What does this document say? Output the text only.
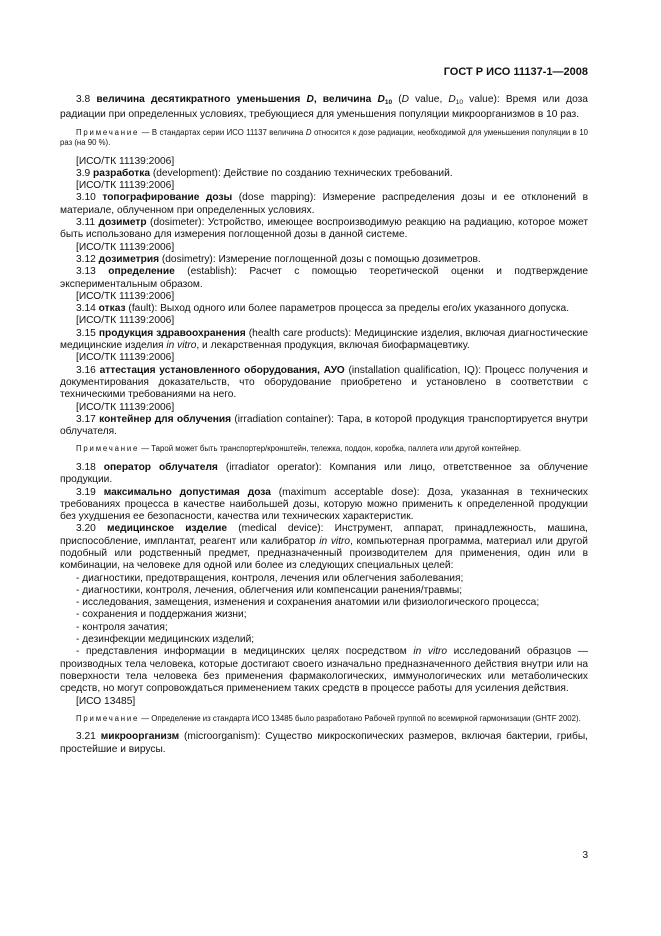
ГОСТ Р ИСО 11137-1—2008

3.8 величина десятикратного уменьшения D, величина $D_{10}$ (D value, $D_{10}$ value): Время или доза радиации при определенных условиях, требующиеся для уменьшения популяции микроорганизмов в 10 раз.

Примечание — В стандартах серии ИСО 11137 величина D относится к дозе радиации, необходимой для уменьшения популяции в 10 раз (на 90 %).

[ИСО/ТК 11139:2006]

3.9 разработка (development): Действие по созданию технических требований.

[ИСО/ТК 11139:2006]

3.10 топографирование дозы (dose mapping): Измерение распределения дозы и ее отклонений в материале, облученном при определенных условиях.

3.11 дозиметр (dosimeter): Устройство, имеющее воспроизводимую реакцию на радиацию, которое может быть использовано для измерения поглощенной дозы в данной системе.

[ИСО/ТК 11139:2006]

3.12 дозиметрия (dosimetry): Измерение поглощенной дозы с помощью дозиметров.

3.13 определение (establish): Расчет с помощью теоретической оценки и подтверждение экспериментальным образом.

[ИСО/ТК 11139:2006]

3.14 отказ (fault): Выход одного или более параметров процесса за пределы его/их указанного допуска.

[ИСО/ТК 11139:2006]

3.15 продукция здравоохранения (health care products): Медицинские изделия, включая диагностические медицинские изделия in vitro, и лекарственная продукция, включая биофармацевтику.

[ИСО/ТК 11139:2006]

3.16 аттестация установленного оборудования, АУО (installation qualification, IQ): Процесс получения и документирования доказательств, что оборудование приобретено и установлено в соответствии с техническими требованиями на него.

[ИСО/ТК 11139:2006]

3.17 контейнер для облучения (irradiation container): Тара, в которой продукция транспортируется внутри облучателя.

Примечание — Тарой может быть транспортер/кронштейн, тележка, поддон, коробка, паллета или другой контейнер.

3.18 оператор облучателя (irradiator operator): Компания или лицо, ответственное за облучение продукции.

3.19 максимально допустимая доза (maximum acceptable dose): Доза, указанная в технических требованиях процесса в качестве наибольшей дозы, которую можно применить к определенной продукции без ухудшения ее безопасности, качества или технических характеристик.

3.20 медицинское изделие (medical device): Инструмент, аппарат, принадлежность, машина, приспособление, имплантат, реагент или калибратор in vitro, компьютерная программа, материал или другой подобный или родственный предмет, предназначенный производителем для применения, один или в комбинации, на человеке для одной или более из следующих специальных целей:

- диагностики, предотвращения, контроля, лечения или облегчения заболевания;

- диагностики, контроля, лечения, облегчения или компенсации ранения/травмы;

- исследования, замещения, изменения и сохранения анатомии или физиологического процесса;

- сохранения и поддержания жизни;

- контроля зачатия;

- дезинфекции медицинских изделий;

- представления информации в медицинских целях посредством in vitro исследований образцов — производных тела человека, которые достигают своего изначально предназначенного действия внутри или на поверхности тела человека без применения фармакологических, иммунологических или метаболических средств, но могут сопровождаться применением таких средств в процессе работы для усиления действия.

[ИСО 13485]

Примечание — Определение из стандарта ИСО 13485 было разработано Рабочей группой по всемирной гармонизации (GHTF 2002).

3.21 микроорганизм (microorganism): Существо микроскопических размеров, включая бактерии, грибы, простейшие и вирусы.

3
